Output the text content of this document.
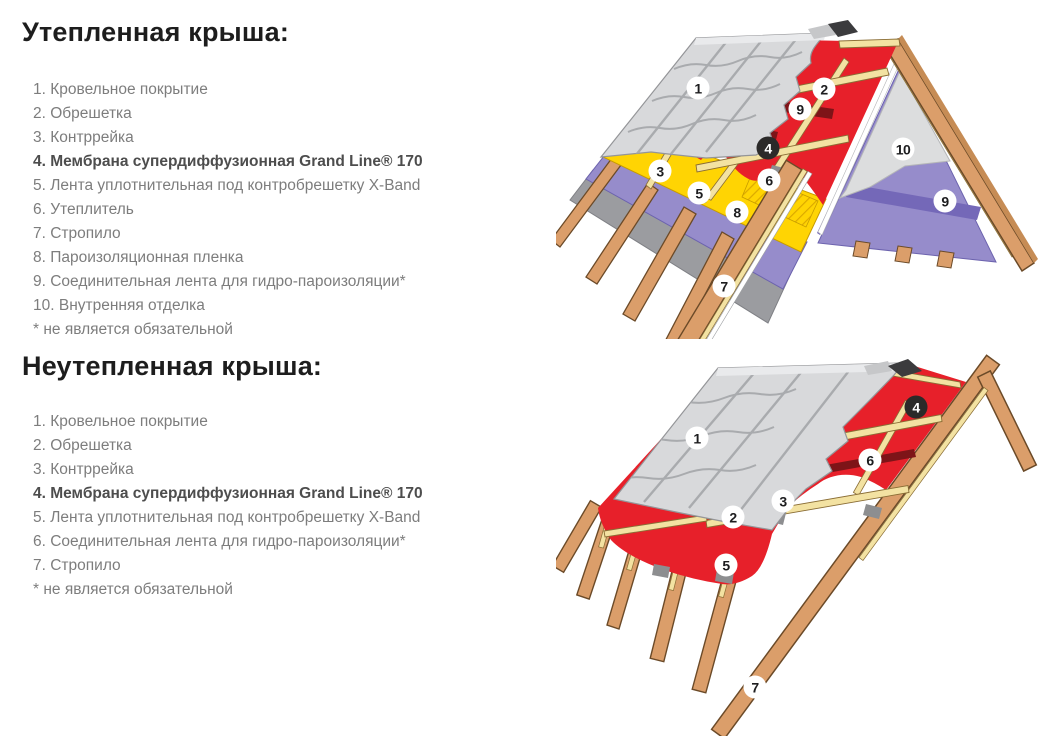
Утепленная крыша:
1. Кровельное покрытие
2. Обрешетка
3. Контррейка
4. Мембрана супердиффузионная Grand Line® 170
5. Лента уплотнительная под контробрешетку X-Band
6. Утеплитель
7. Стропило
8. Пароизоляционная пленка
9. Соединительная лента для гидро-пароизоляции*
10. Внутренняя отделка
* не является обязательной
Неутепленная крыша:
1. Кровельное покрытие
2. Обрешетка
3. Контррейка
4. Мембрана супердиффузионная Grand Line® 170
5. Лента уплотнительная под контробрешетку X-Band
6. Соединительная лента для гидро-пароизоляции*
7. Стропило
* не является обязательной
1	2
9
4
3
6
5
8
10
9
7
1
4
6
3
2
5
7
